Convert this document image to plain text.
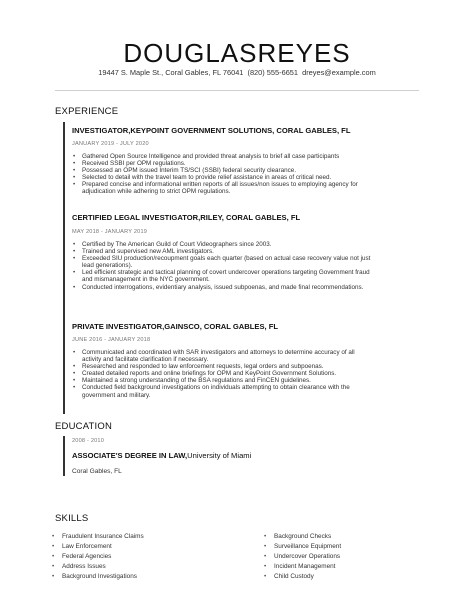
DOUGLASREYES
19447 S. Maple St., Coral Gables, FL 76041 (820) 555-6651 dreyes@example.com
EXPERIENCE
INVESTIGATOR,KEYPOINT GOVERNMENT SOLUTIONS, CORAL GABLES, FL
JANUARY 2019 - JULY 2020
• Gathered Open Source Intelligence and provided threat analysis to brief all case participants
• Received SSBI per OPM regulations.
• Possessed an OPM issued Interim TS/SCI (SSBI) federal security clearance.
• Selected to detail with the travel team to provide relief assistance in areas of critical need.
• Prepared concise and informational written reports of all issues/non issues to employing agency for adjudication while adhering to strict OPM regulations.
CERTIFIED LEGAL INVESTIGATOR,RILEY, CORAL GABLES, FL
MAY 2018 - JANUARY 2019
• Certified by The American Guild of Court Videographers since 2003.
• Trained and supervised new AML investigators.
• Exceeded SIU production/recoupment goals each quarter (based on actual case recovery value not just lead generations).
• Led efficient strategic and tactical planning of covert undercover operations targeting Government fraud and mismanagement in the NYC government.
• Conducted interrogations, evidentiary analysis, issued subpoenas, and made final recommendations.
PRIVATE INVESTIGATOR,GAINSCO, CORAL GABLES, FL
JUNE 2016 - JANUARY 2018
• Communicated and coordinated with SAR investigators and attorneys to determine accuracy of all activity and facilitate clarification if necessary.
• Researched and responded to law enforcement requests, legal orders and subpoenas.
• Created detailed reports and online briefings for OPM and KeyPoint Government Solutions.
• Maintained a strong understanding of the BSA regulations and FinCEN guidelines.
• Conducted field background investigations on individuals attempting to obtain clearance with the government and military.
EDUCATION
2008 - 2010
ASSOCIATE'S DEGREE IN LAW,University of Miami
Coral Gables, FL
SKILLS
• Fraudulent Insurance Claims
• Law Enforcement
• Federal Agencies
• Address Issues
• Background Investigations
• Background Checks
• Surveillance Equipment
• Undercover Operations
• Incident Management
• Child Custody
